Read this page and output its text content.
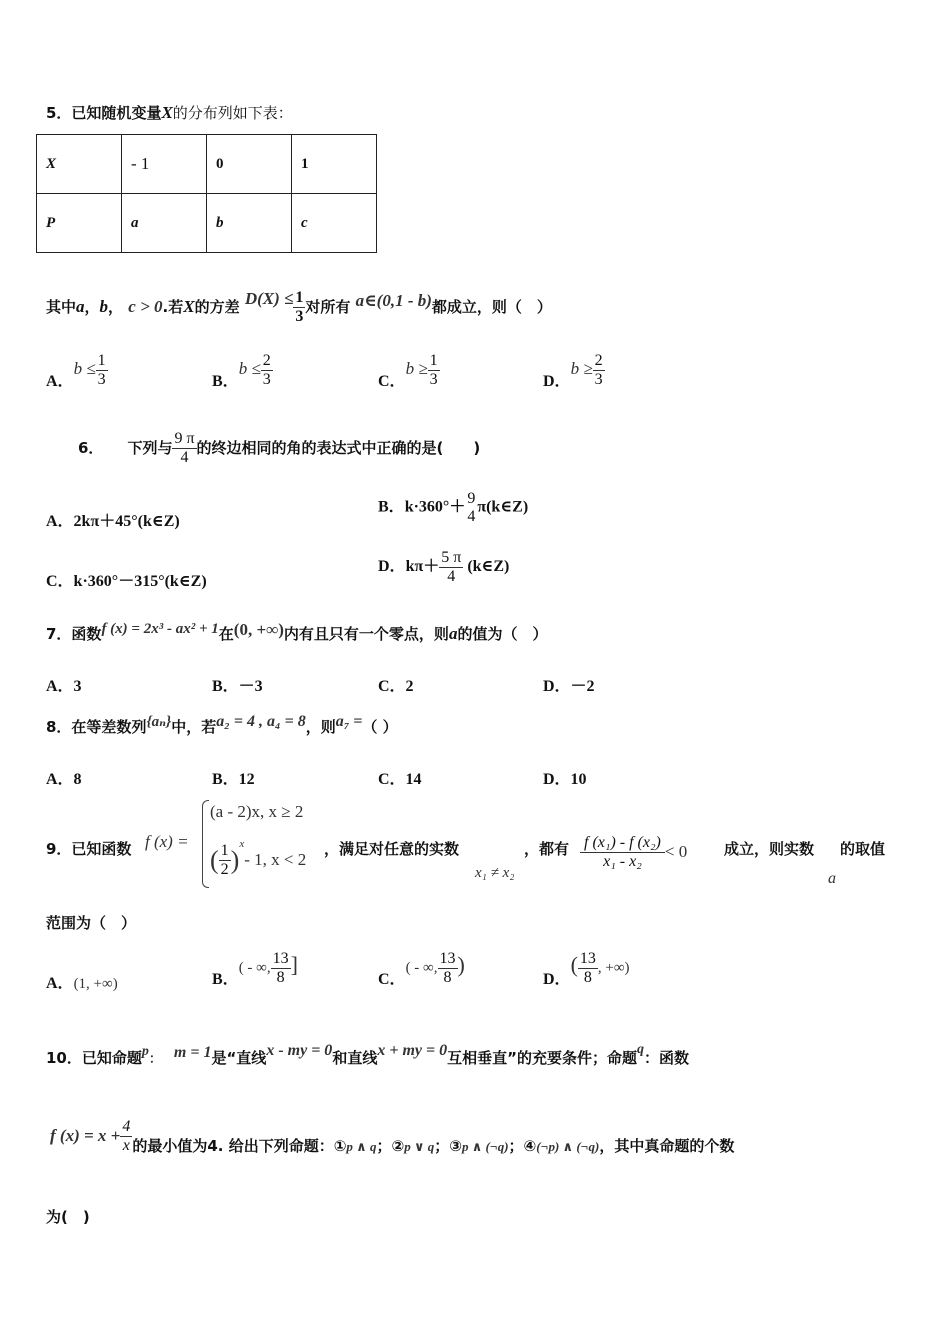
5．已知随机变量X的分布列如下表：
X	- 1	0	1
P	a	b	c
其中a，b， c > 0.若X的方差 $D(X) \le \frac{1}{3}$ 对所有 a∈(0,1 - b)都成立，则（　）
A．$b \le \frac{1}{3}$	B．$b \le \frac{2}{3}$	C．$b \ge \frac{1}{3}$	D．$b \ge \frac{2}{3}$
6． 下列与 $\frac{9 \pi}{4}$ 的终边相同的角的表达式中正确的是(　　)
A．2kπ＋45°(k∈Z)
B．k·360°＋
9
4
π(k∈Z)
C．k·360°－315°(k∈Z)
D．$k\pi+ \frac{5 \pi}{4}$ (k∈Z)
7．函数f (x) = 2x³ - ax² + 1在(0, +∞)内有且只有一个零点，则a的值为（　）
A．3	B．－3	C．2	D．－2
8．在等差数列{aₙ}中，若a₂ = 4 , a₄ = 8，则a₇ =（ ）
A．8	B．12	C．14	D．10
9．已知函数 f (x) =
(a - 2)x, x ≥ 2
( $\frac{1}{2} )^x-$ 1, x < 2
，满足对任意的实数
x₁ ≠ x₂
，都有 $\frac{\text{f (x₁) - f (x₂)}}{\text{x₁ - x₂}} < 0$ 成立，则实数
a
的取值
范围为（　）
A．(1, +∞)	B．( - ∞, $\frac{13}{8}$ ]
C．( - ∞, $\frac{13}{8}$ )
D．( $\frac{13}{8}$ , +∞)
10．已知命题p： m = 1是“直线x - my = 0和直线x + my = 0互相垂直”的充要条件；命题q：函数
f $(x) = x + \frac{4}{x}$ 的最小值为4. 给出下列命题：①p ∧ q；②p ∨ q；③p ∧ (¬q)；④(¬p) ∧ (¬q)，其中真命题的个数
为(　)
